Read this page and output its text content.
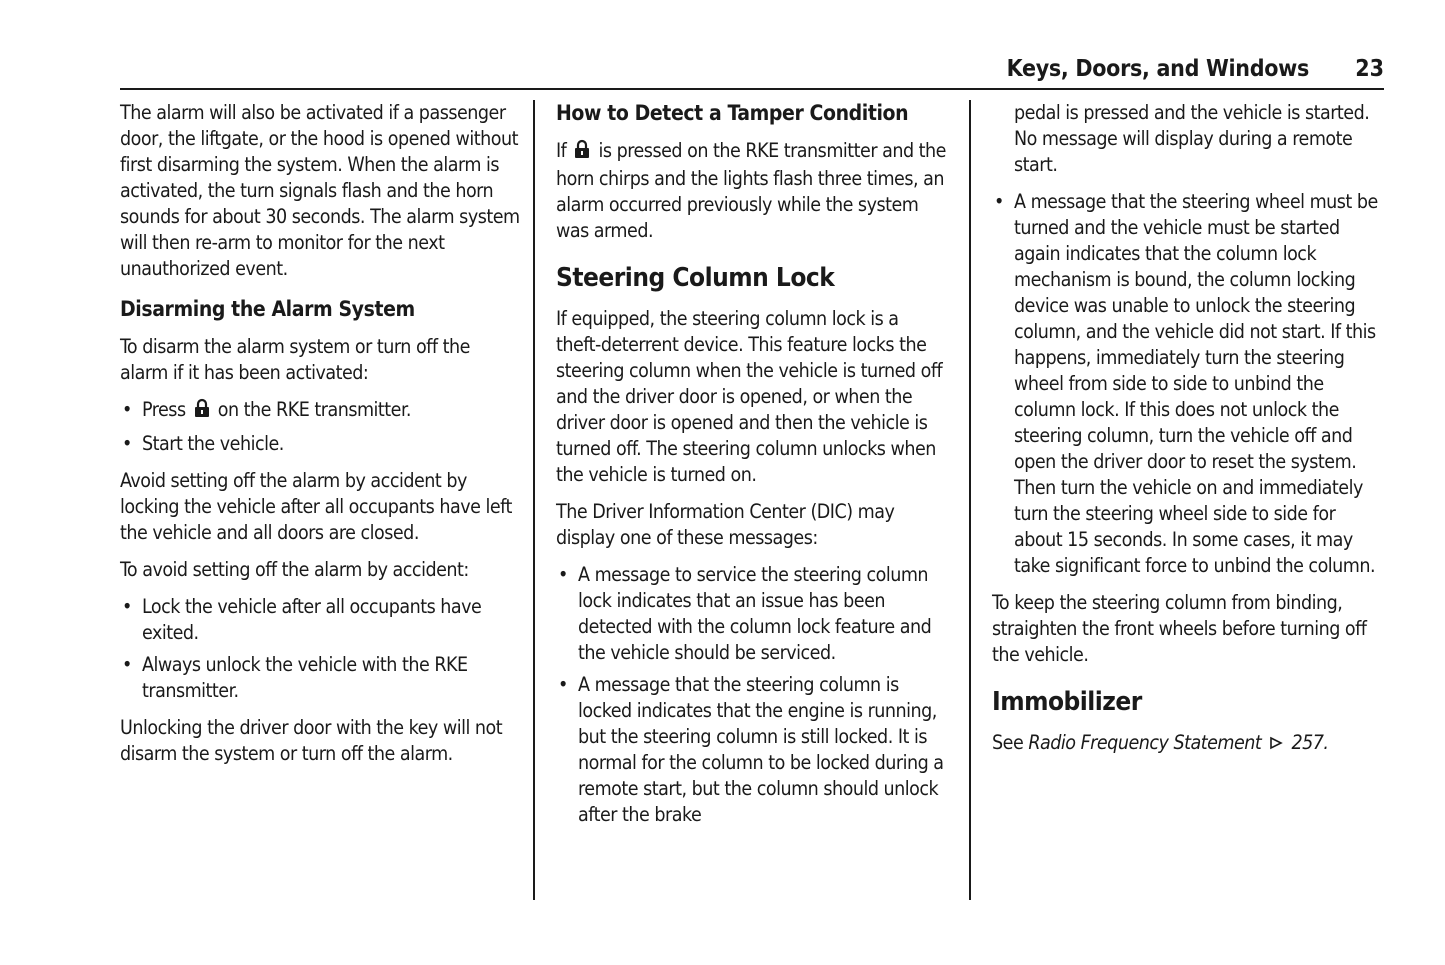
Keys, Doors, and Windows 23

The alarm will also be activated if a passenger door, the liftgate, or the hood is opened without first disarming the system. When the alarm is activated, the turn signals flash and the horn sounds for about 30 seconds. The alarm system will then re-arm to monitor for the next unauthorized event.

Disarming the Alarm System

To disarm the alarm system or turn off the alarm if it has been activated:

• Press on the RKE transmitter.
• Start the vehicle.

Avoid setting off the alarm by accident by locking the vehicle after all occupants have left the vehicle and all doors are closed.

To avoid setting off the alarm by accident:

• Lock the vehicle after all occupants have exited.
• Always unlock the vehicle with the RKE transmitter.

Unlocking the driver door with the key will not disarm the system or turn off the alarm.

How to Detect a Tamper Condition

If is pressed on the RKE transmitter and the horn chirps and the lights flash three times, an alarm occurred previously while the system was armed.

Steering Column Lock

If equipped, the steering column lock is a theft-deterrent device. This feature locks the steering column when the vehicle is turned off and the driver door is opened, or when the driver door is opened and then the vehicle is turned off. The steering column unlocks when the vehicle is turned on.

The Driver Information Center (DIC) may display one of these messages:

• A message to service the steering column lock indicates that an issue has been detected with the column lock feature and the vehicle should be serviced.
• A message that the steering column is locked indicates that the engine is running, but the steering column is still locked. It is normal for the column to be locked during a remote start, but the column should unlock after the brake
pedal is pressed and the vehicle is started. No message will display during a remote start.
• A message that the steering wheel must be turned and the vehicle must be started again indicates that the column lock mechanism is bound, the column locking device was unable to unlock the steering column, and the vehicle did not start. If this happens, immediately turn the steering wheel from side to side to unbind the column lock. If this does not unlock the steering column, turn the vehicle off and open the driver door to reset the system. Then turn the vehicle on and immediately turn the steering wheel side to side for about 15 seconds. In some cases, it may take significant force to unbind the column.

To keep the steering column from binding, straighten the front wheels before turning off the vehicle.

Immobilizer

See Radio Frequency Statement 257.
